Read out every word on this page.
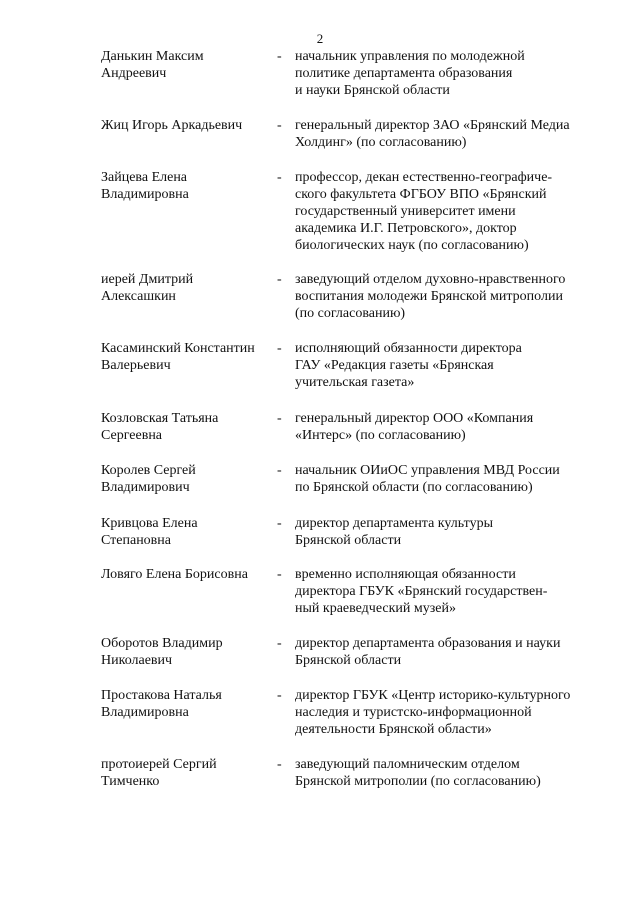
2
Данькин Максим
Андреевич
- начальник управления по молодежной
политике департамента образования
и науки Брянской области
Жиц Игорь Аркадьевич	- генеральный директор ЗАО «Брянский Медиа
Холдинг» (по согласованию)
Зайцева Елена
Владимировна
- профессор, декан естественно-географиче-
ского факультета ФГБОУ ВПО «Брянский
государственный университет имени
академика И.Г. Петровского», доктор
биологических наук (по согласованию)
иерей Дмитрий
Алексашкин
- заведующий отделом духовно-нравственного
воспитания молодежи Брянской митрополии
(по согласованию)
Касаминский Константин
Валерьевич
- исполняющий обязанности директора
ГАУ «Редакция газеты «Брянская
учительская газета»
Козловская Татьяна
Сергеевна
- генеральный директор ООО «Компания
«Интерс» (по согласованию)
Королев Сергей
Владимирович
- начальник ОИиОС управления МВД России
по Брянской области (по согласованию)
Кривцова Елена
Степановна
- директор департамента культуры
Брянской области
Ловяго Елена Борисовна	- временно исполняющая обязанности
директора ГБУК «Брянский государствен-
ный краеведческий музей»
Оборотов Владимир
Николаевич
- директор департамента образования и науки
Брянской области
Простакова Наталья
Владимировна
- директор ГБУК «Центр историко-культурного
наследия и туристско-информационной
деятельности Брянской области»
протоиерей Сергий
Тимченко
- заведующий паломническим отделом
Брянской митрополии (по согласованию)
